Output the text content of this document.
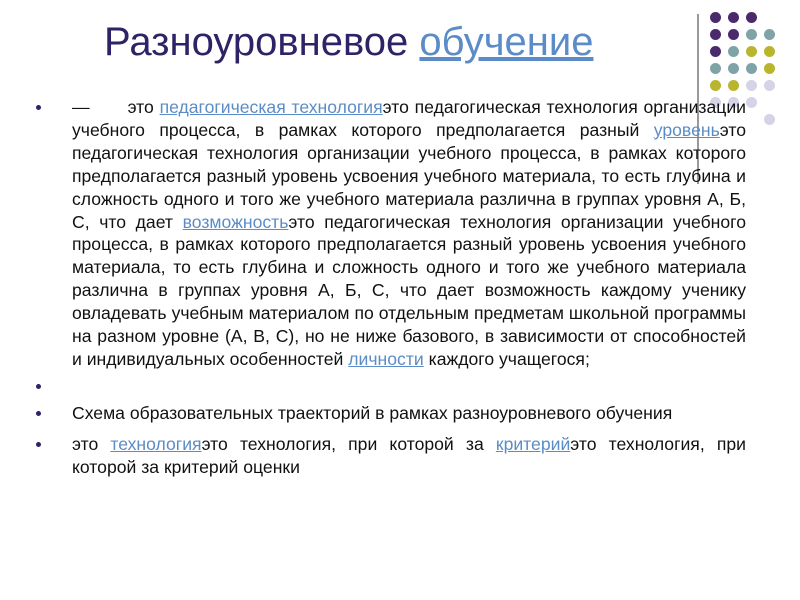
Разноуровневое обучение

— это педагогическая технологияэто педагогическая технология организации учебного процесса, в рамках которого предполагается разный уровеньэто педагогическая технология организации учебного процесса, в рамках которого предполагается разный уровень усвоения учебного материала, то есть глубина и сложность одного и того же учебного материала различна в группах уровня А, Б, С, что дает возможностьэто педагогическая технология организации учебного процесса, в рамках которого предполагается разный уровень усвоения учебного материала, то есть глубина и сложность одного и того же учебного материала различна в группах уровня А, Б, С, что дает возможность каждому ученику овладевать учебным материалом по отдельным предметам школьной программы на разном уровне (А, В, С), но не ниже базового, в зависимости от способностей и индивидуальных особенностей личности каждого учащегося;

Схема образовательных траекторий в рамках разноуровневого обучения

это технологияэто технология, при которой за критерийэто технология, при которой за критерий оценки
